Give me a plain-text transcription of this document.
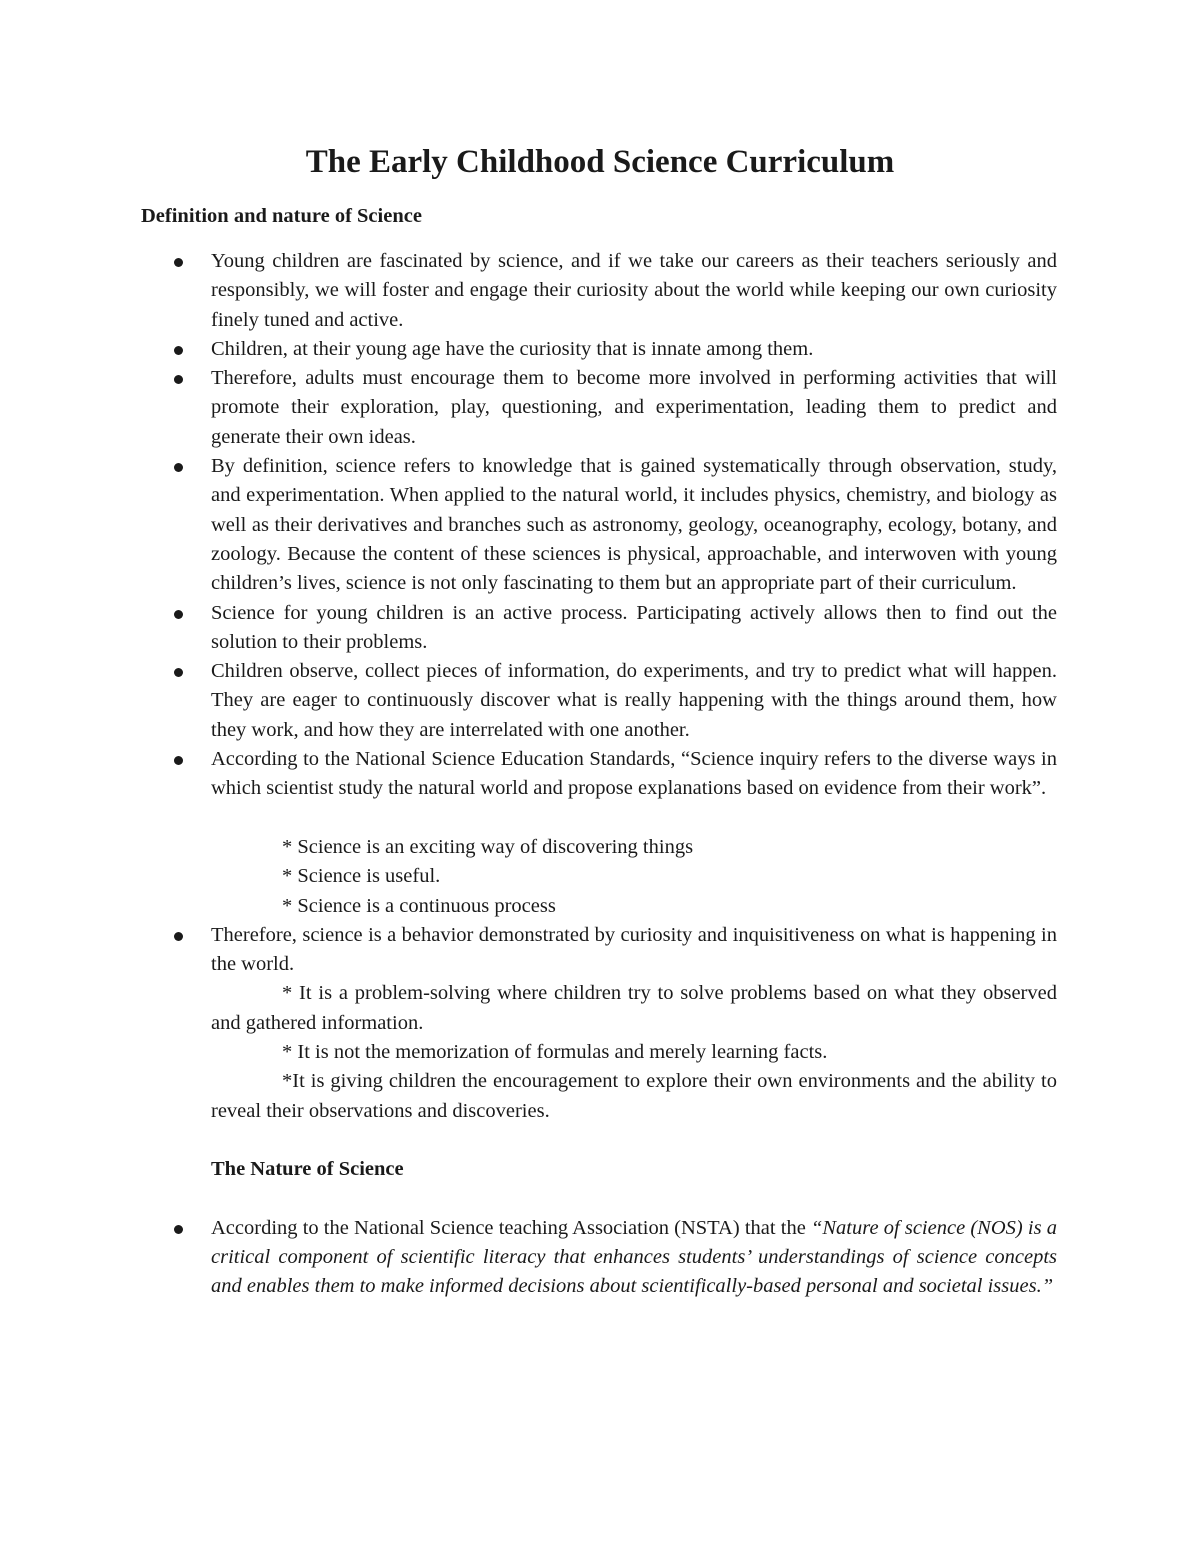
The Early Childhood Science Curriculum
Definition and nature of Science

Young children are fascinated by science, and if we take our careers as their teachers seriously and responsibly, we will foster and engage their curiosity about the world while keeping our own curiosity finely tuned and active.

Children, at their young age have the curiosity that is innate among them.

Therefore, adults must encourage them to become more involved in performing activities that will promote their exploration, play, questioning, and experimentation, leading them to predict and generate their own ideas.

By definition, science refers to knowledge that is gained systematically through observation, study, and experimentation. When applied to the natural world, it includes physics, chemistry, and biology as well as their derivatives and branches such as astronomy, geology, oceanography, ecology, botany, and zoology. Because the content of these sciences is physical, approachable, and interwoven with young children’s lives, science is not only fascinating to them but an appropriate part of their curriculum.

Science for young children is an active process. Participating actively allows then to find out the solution to their problems.

Children observe, collect pieces of information, do experiments, and try to predict what will happen. They are eager to continuously discover what is really happening with the things around them, how they work, and how they are interrelated with one another.

According to the National Science Education Standards, “Science inquiry refers to the diverse ways in which scientist study the natural world and propose explanations based on evidence from their work”.

* Science is an exciting way of discovering things

* Science is useful.

* Science is a continuous process

Therefore, science is a behavior demonstrated by curiosity and inquisitiveness on what is happening in the world.

* It is a problem-solving where children try to solve problems based on what they observed and gathered information.

* It is not the memorization of formulas and merely learning facts.

*It is giving children the encouragement to explore their own environments and the ability to reveal their observations and discoveries.

The Nature of Science

According to the National Science teaching Association (NSTA) that the “Nature of science (NOS) is a critical component of scientific literacy that enhances students’ understandings of science concepts and enables them to make informed decisions about scientifically-based personal and societal issues.”
